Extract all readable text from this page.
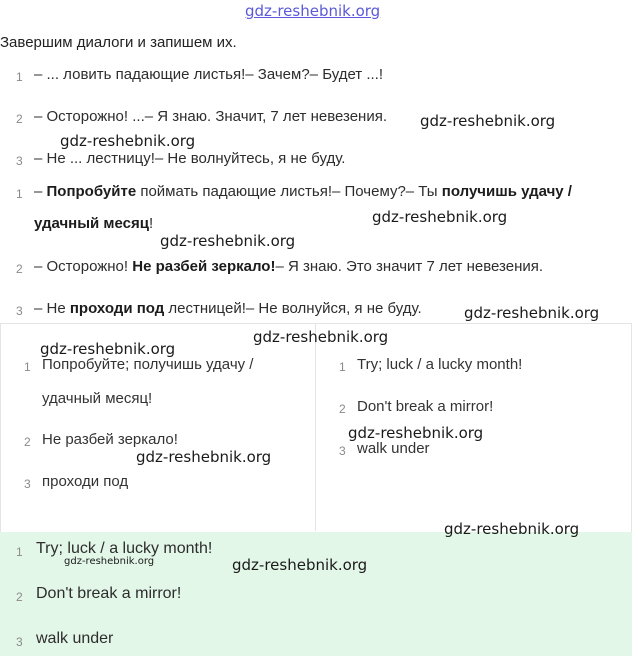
gdz-reshebnik.org
Завершим диалоги и запишем их.
1 – ... ловить падающие листья!– Зачем?– Будет ...!
2 – Осторожно! ...– Я знаю. Значит, 7 лет невезения.
3 – Не ... лестницу!– Не волнуйтесь, я не буду.
1 – Попробуйте поймать падающие листья!– Почему?– Ты получишь удачу /
удачный месяц!
2 – Осторожно! Не разбей зеркало!– Я знаю. Это значит 7 лет невезения.
3 – Не проходи под лестницей!– Не волнуйся, я не буду.
1 Попробуйте; получишь удачу /
удачный месяц!
2 Не разбей зеркало!
3 проходи под
1 Try; luck / a lucky month!
2 Don't break a mirror!
3 walk under
1 Try; luck / a lucky month!
2 Don't break a mirror!
3 walk under
gdz-reshebnik.org
gdz-reshebnik.org
gdz-reshebnik.org
gdz-reshebnik.org
gdz-reshebnik.org
gdz-reshebnik.org
gdz-reshebnik.org
gdz-reshebnik.org
gdz-reshebnik.org
gdz-reshebnik.org
gdz-reshebnik.org	gdz-reshebnik.org
